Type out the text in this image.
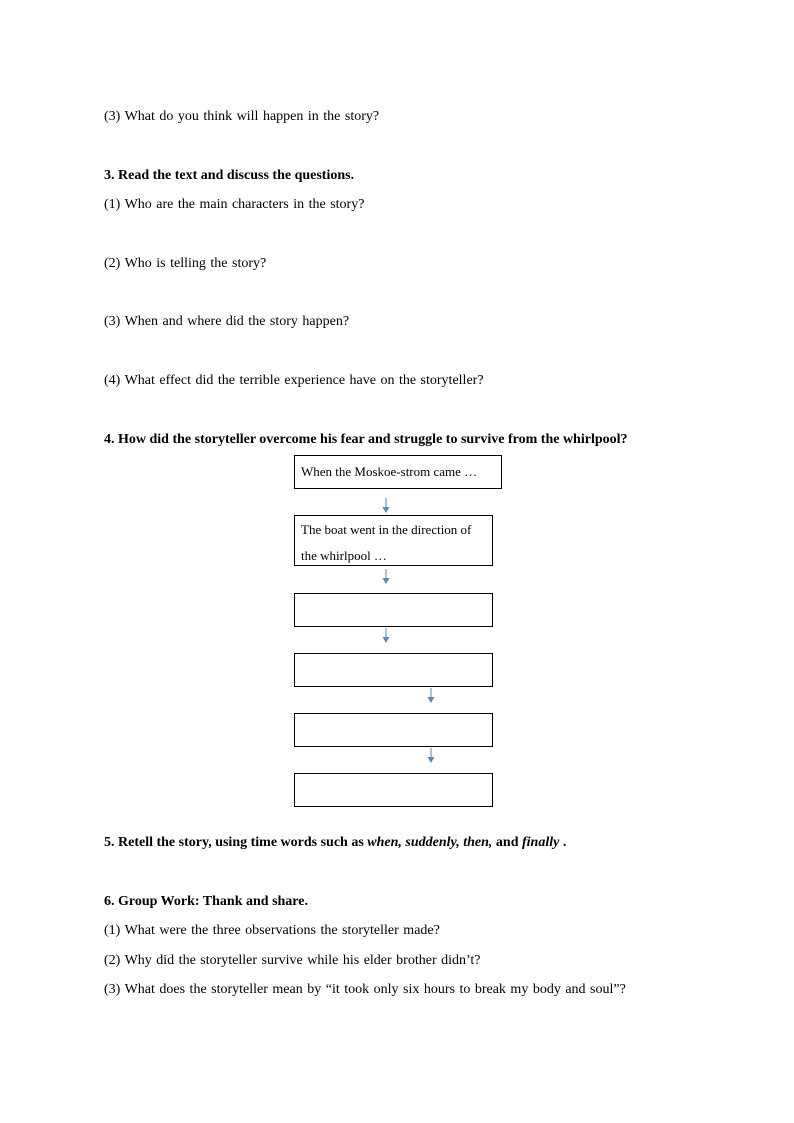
(3) What do you think will happen in the story?
3. Read the text and discuss the questions.
(1) Who are the main characters in the story?
(2) Who is telling the story?
(3) When and where did the story happen?
(4) What effect did the terrible experience have on the storyteller?
4. How did the storyteller overcome his fear and struggle to survive from the whirlpool?
When the Moskoe-strom came …
The boat went in the direction of the whirlpool …
5. Retell the story, using time words such as when, suddenly, then, and finally .
6. Group Work: Thank and share.
(1) What were the three observations the storyteller made?
(2) Why did the storyteller survive while his elder brother didn’t?
(3) What does the storyteller mean by “it took only six hours to break my body and soul”?
